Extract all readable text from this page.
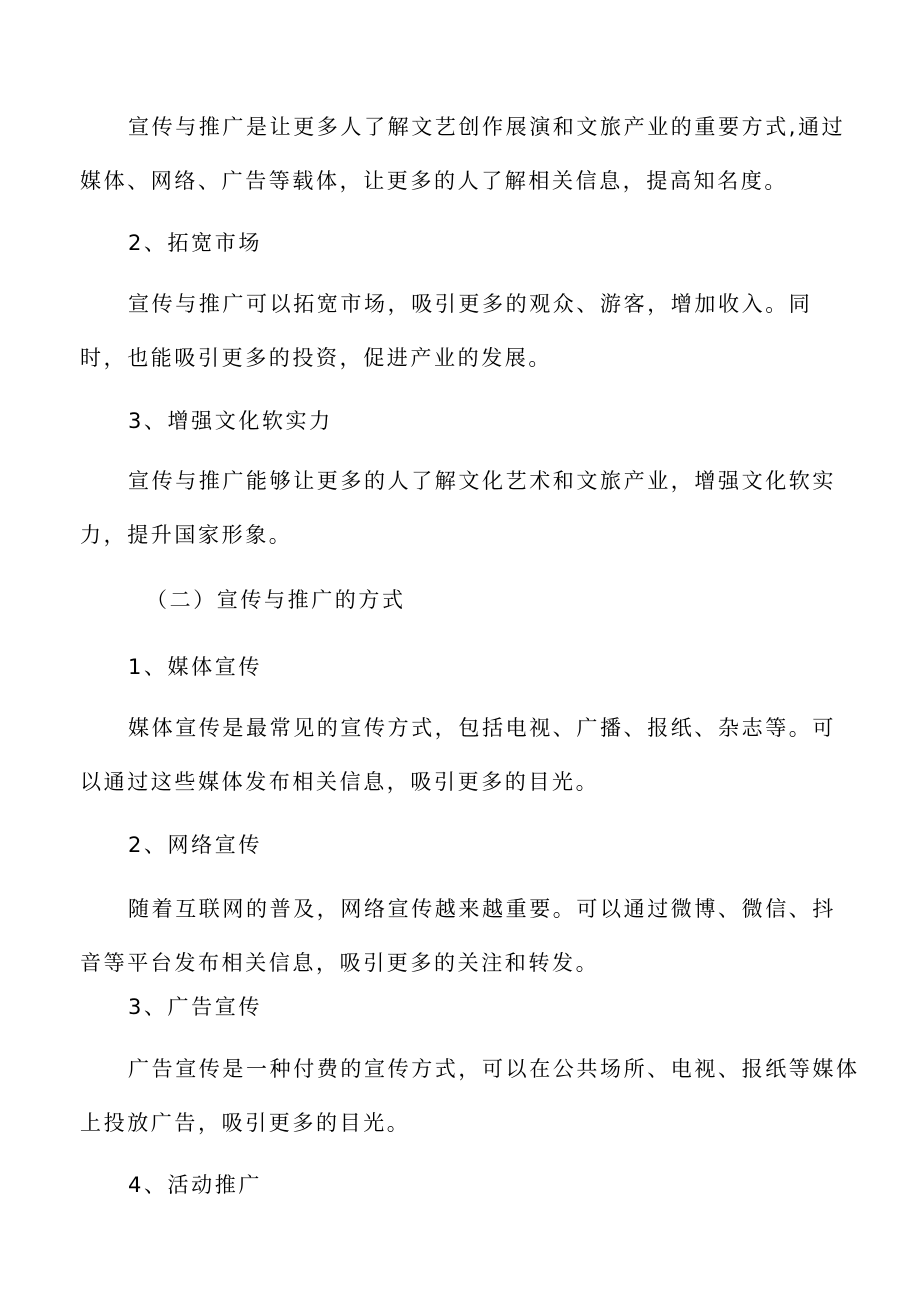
宣传与推广是让更多人了解文艺创作展演和文旅产业的重要方式,通过
媒体、网络、广告等载体，让更多的人了解相关信息，提高知名度。

2、拓宽市场

宣传与推广可以拓宽市场，吸引更多的观众、游客，增加收入。同
时，也能吸引更多的投资，促进产业的发展。

3、增强文化软实力

宣传与推广能够让更多的人了解文化艺术和文旅产业，增强文化软实
力，提升国家形象。

（二）宣传与推广的方式

1、媒体宣传

媒体宣传是最常见的宣传方式，包括电视、广播、报纸、杂志等。可
以通过这些媒体发布相关信息，吸引更多的目光。

2、网络宣传

随着互联网的普及，网络宣传越来越重要。可以通过微博、微信、抖
音等平台发布相关信息，吸引更多的关注和转发。

3、广告宣传

广告宣传是一种付费的宣传方式，可以在公共场所、电视、报纸等媒体
上投放广告，吸引更多的目光。

4、活动推广
